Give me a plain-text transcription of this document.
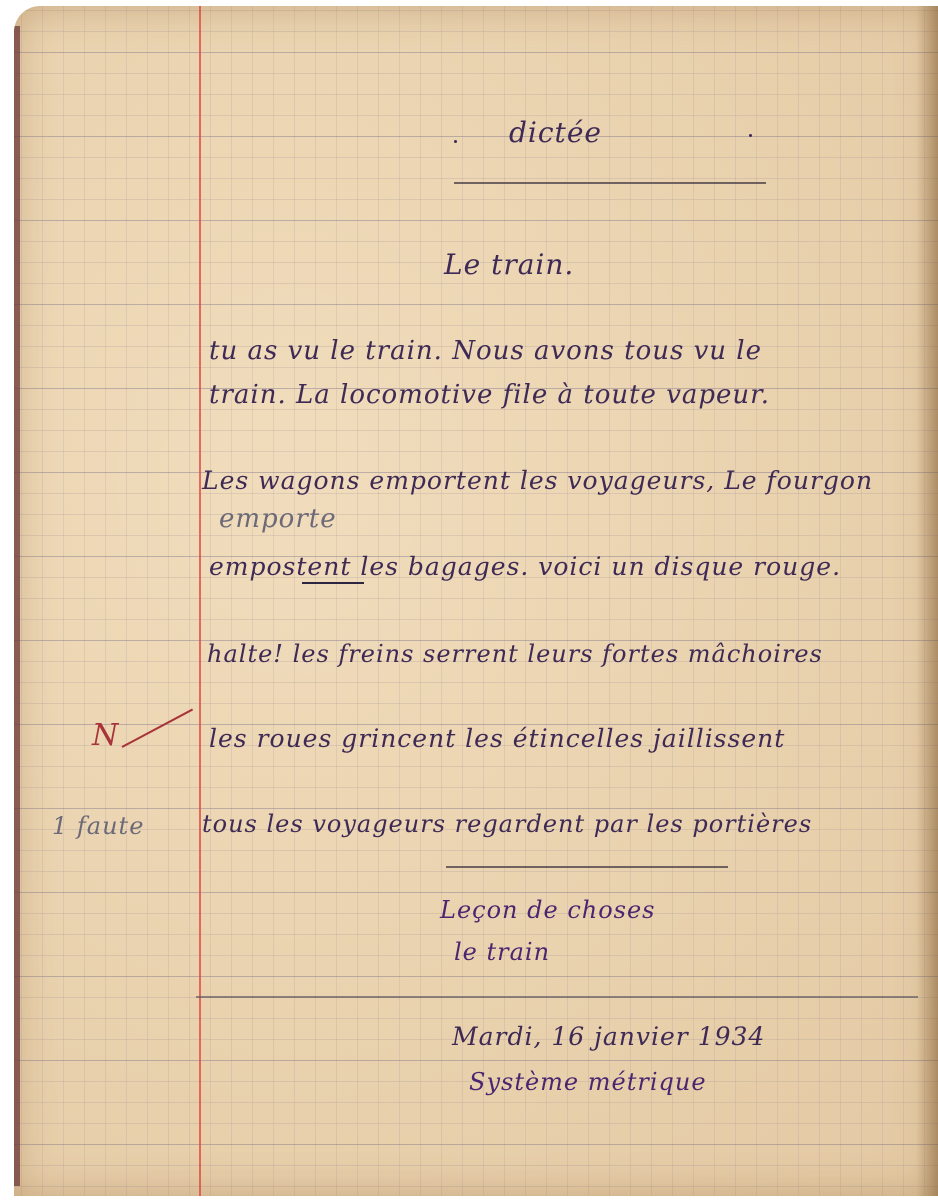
dictée
Le train.
tu as vu le train. Nous avons tous vu le
train. La locomotive file à toute vapeur.
Les wagons emportent les voyageurs, Le fourgon
emporte
empostent les bagages. voici un disque rouge.
halte! les freins serrent leurs fortes mâchoires
N	les roues grincent les étincelles jaillissent
1 faute tous les voyageurs regardent par les portières
Leçon de choses
le train
Mardi, 16 janvier 1934
Système métrique
